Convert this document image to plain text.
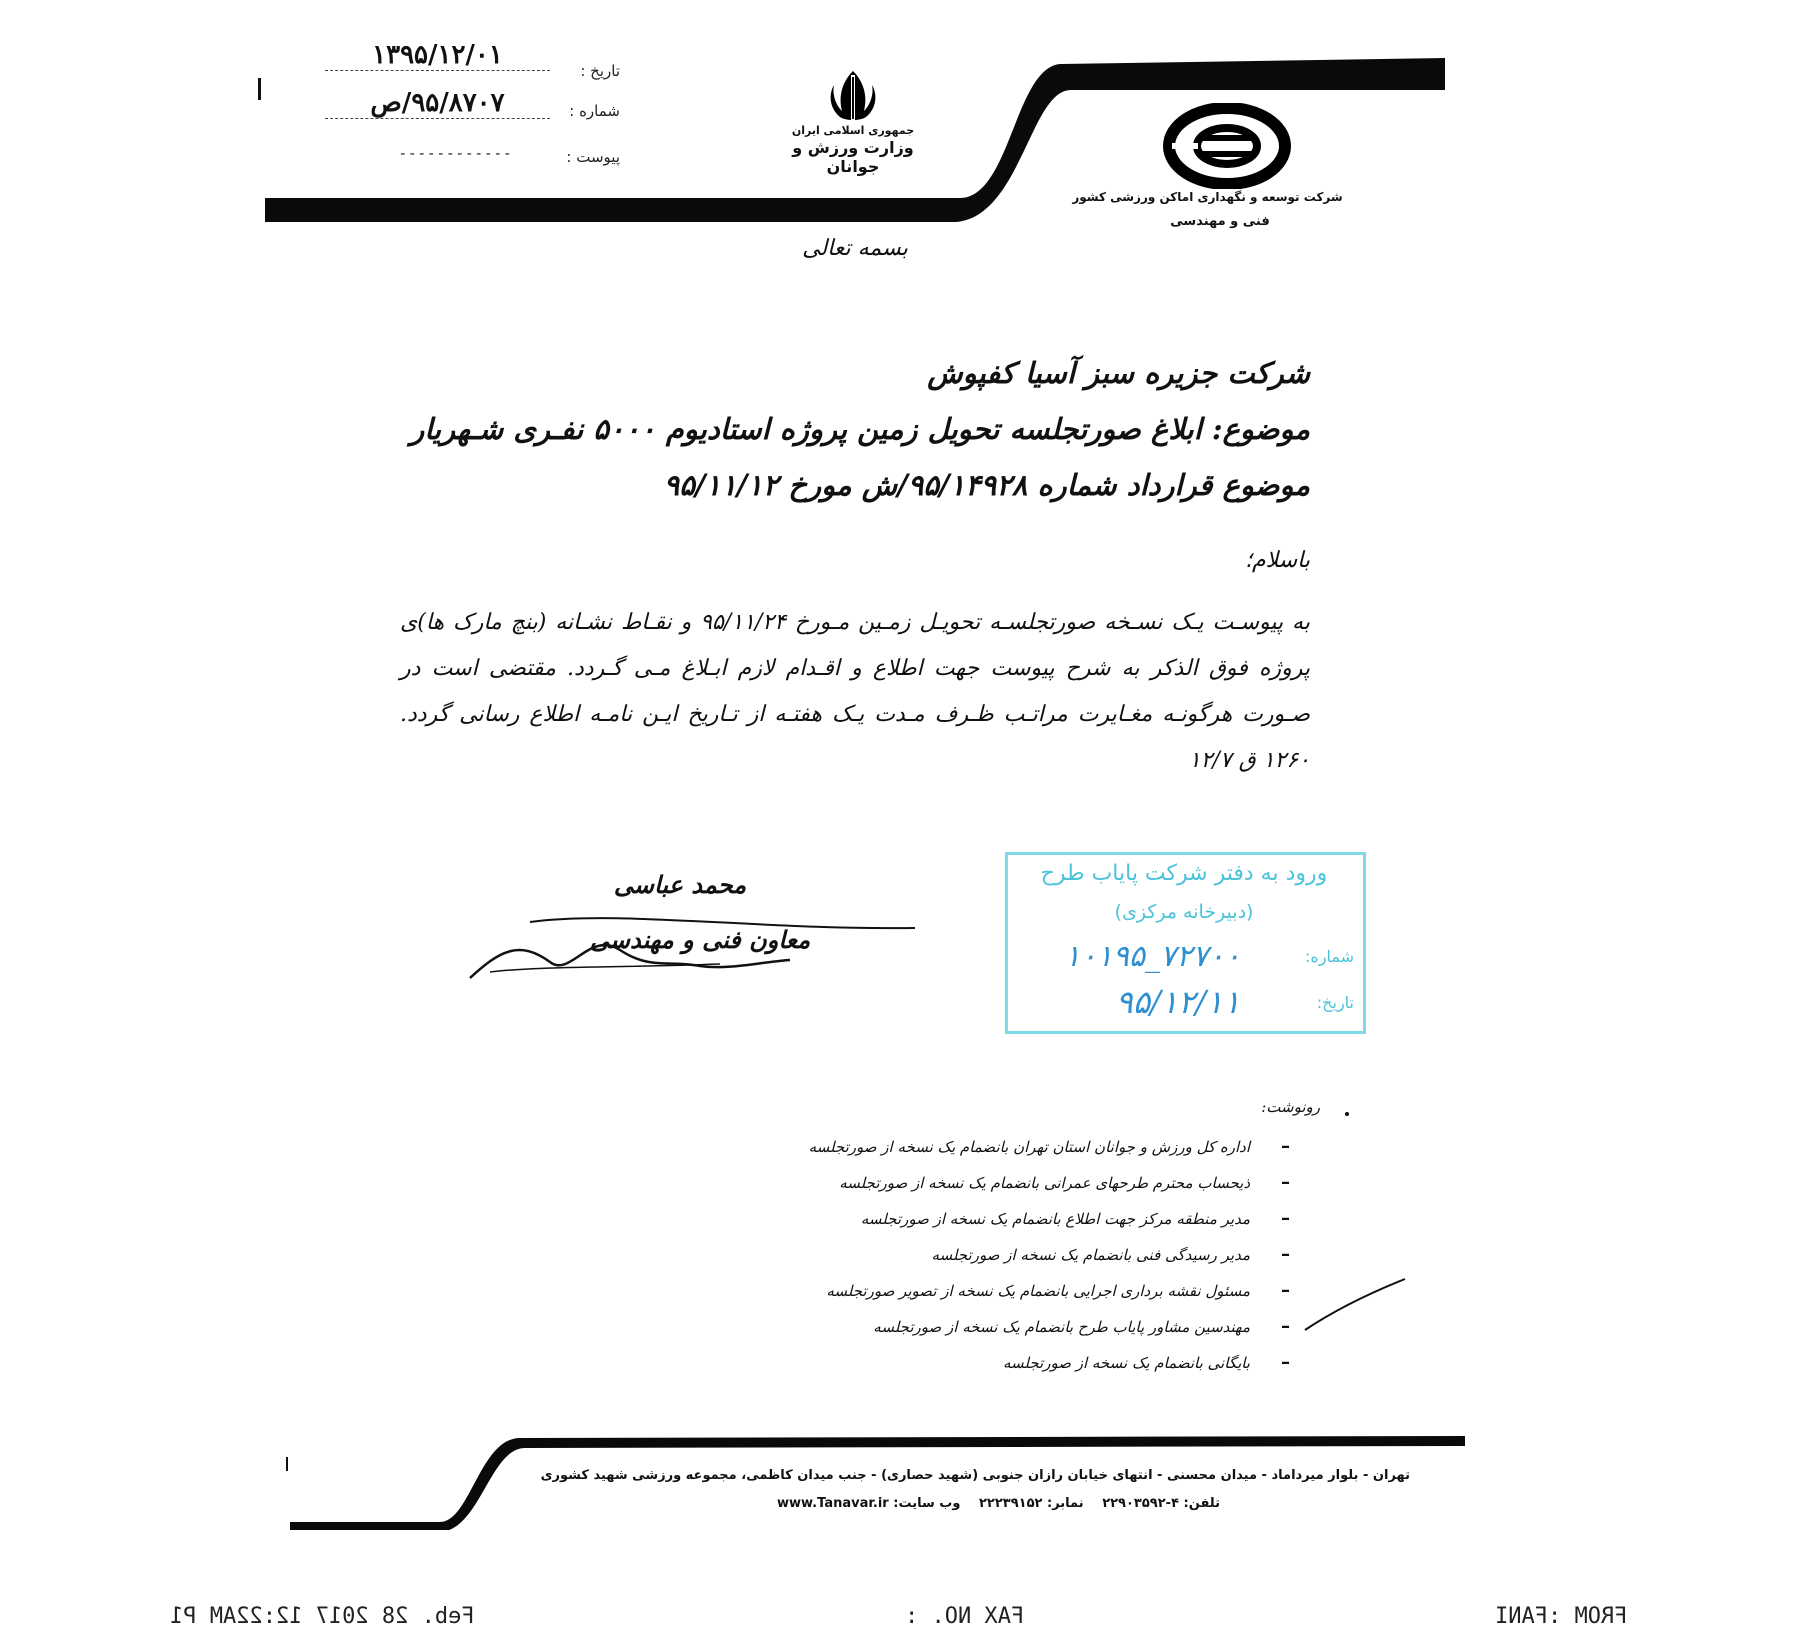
تاریخ :
۱۳۹۵/۱۲/۰۱
شماره :
۹۵/۸۷۰۷/ص
پیوست :
- - - - - - - - - - - -
جمهوری اسلامی ایران
وزارت ورزش و جوانان
شرکت توسعه و نگهداری اماکن ورزشی کشور
فنی و مهندسی
بسمه تعالی
شرکت جزیره سبز آسیا کفپوش
موضوع: ابلاغ صورتجلسه تحویل زمین پروژه استادیوم ۵۰۰۰ نفـری شـهریار
موضوع قرارداد شماره ۹۵/۱۴۹۲۸/ش مورخ ۹۵/۱۱/۱۲
باسلام؛
به پیوسـت یـک نسـخه صورتجلسـه تحویـل زمـین مـورخ ۹۵/۱۱/۲۴ و نقـاط نشـانه (بنچ مارک ها)ی پروژه فوق الذکر به شرح پیوست جهت اطلاع و اقـدام لازم ابـلاغ مـی گـردد. مقتضی است در صـورت هرگونـه مغـایرت مراتـب ظـرف مـدت یـک هفتـه از تـاریخ ایـن نامـه اطلاع رسانی گردد. ۱۲۶۰ ق ۱۲/۷
محمد عباسی
معاون فنی و مهندسی
ورود به دفتر شرکت پایاب طرح
(دبیرخانه مرکزی)
شماره:
۱۰۱۹۵_۷۲۷۰۰
تاریخ:
۹۵/۱۲/۱۱
رونوشت:
–
اداره کل ورزش و جوانان استان تهران بانضمام یک نسخه از صورتجلسه
–
ذیحساب محترم طرحهای عمرانی بانضمام یک نسخه از صورتجلسه
–
مدیر منطقه مرکز جهت اطلاع بانضمام یک نسخه از صورتجلسه
–
مدیر رسیدگی فنی بانضمام یک نسخه از صورتجلسه
–
مسئول نقشه برداری اجرایی بانضمام یک نسخه از تصویر صورتجلسه
–
مهندسین مشاور پایاب طرح بانضمام یک نسخه از صورتجلسه
–
بایگانی بانضمام یک نسخه از صورتجلسه
تهران - بلوار میرداماد - میدان محسنی - انتهای خیابان رازان جنوبی (شهید حصاری) - جنب میدان کاظمی، مجموعه ورزشی شهید کشوری
تلفن: ۴-۲۲۹۰۳۵۹۲ نمابر: ۲۲۲۳۹۱۵۲ وب سایت: www.Tanavar.ir
Feb. 28 2017 12:22AM P1	FAX NO. :	FROM :FANI
